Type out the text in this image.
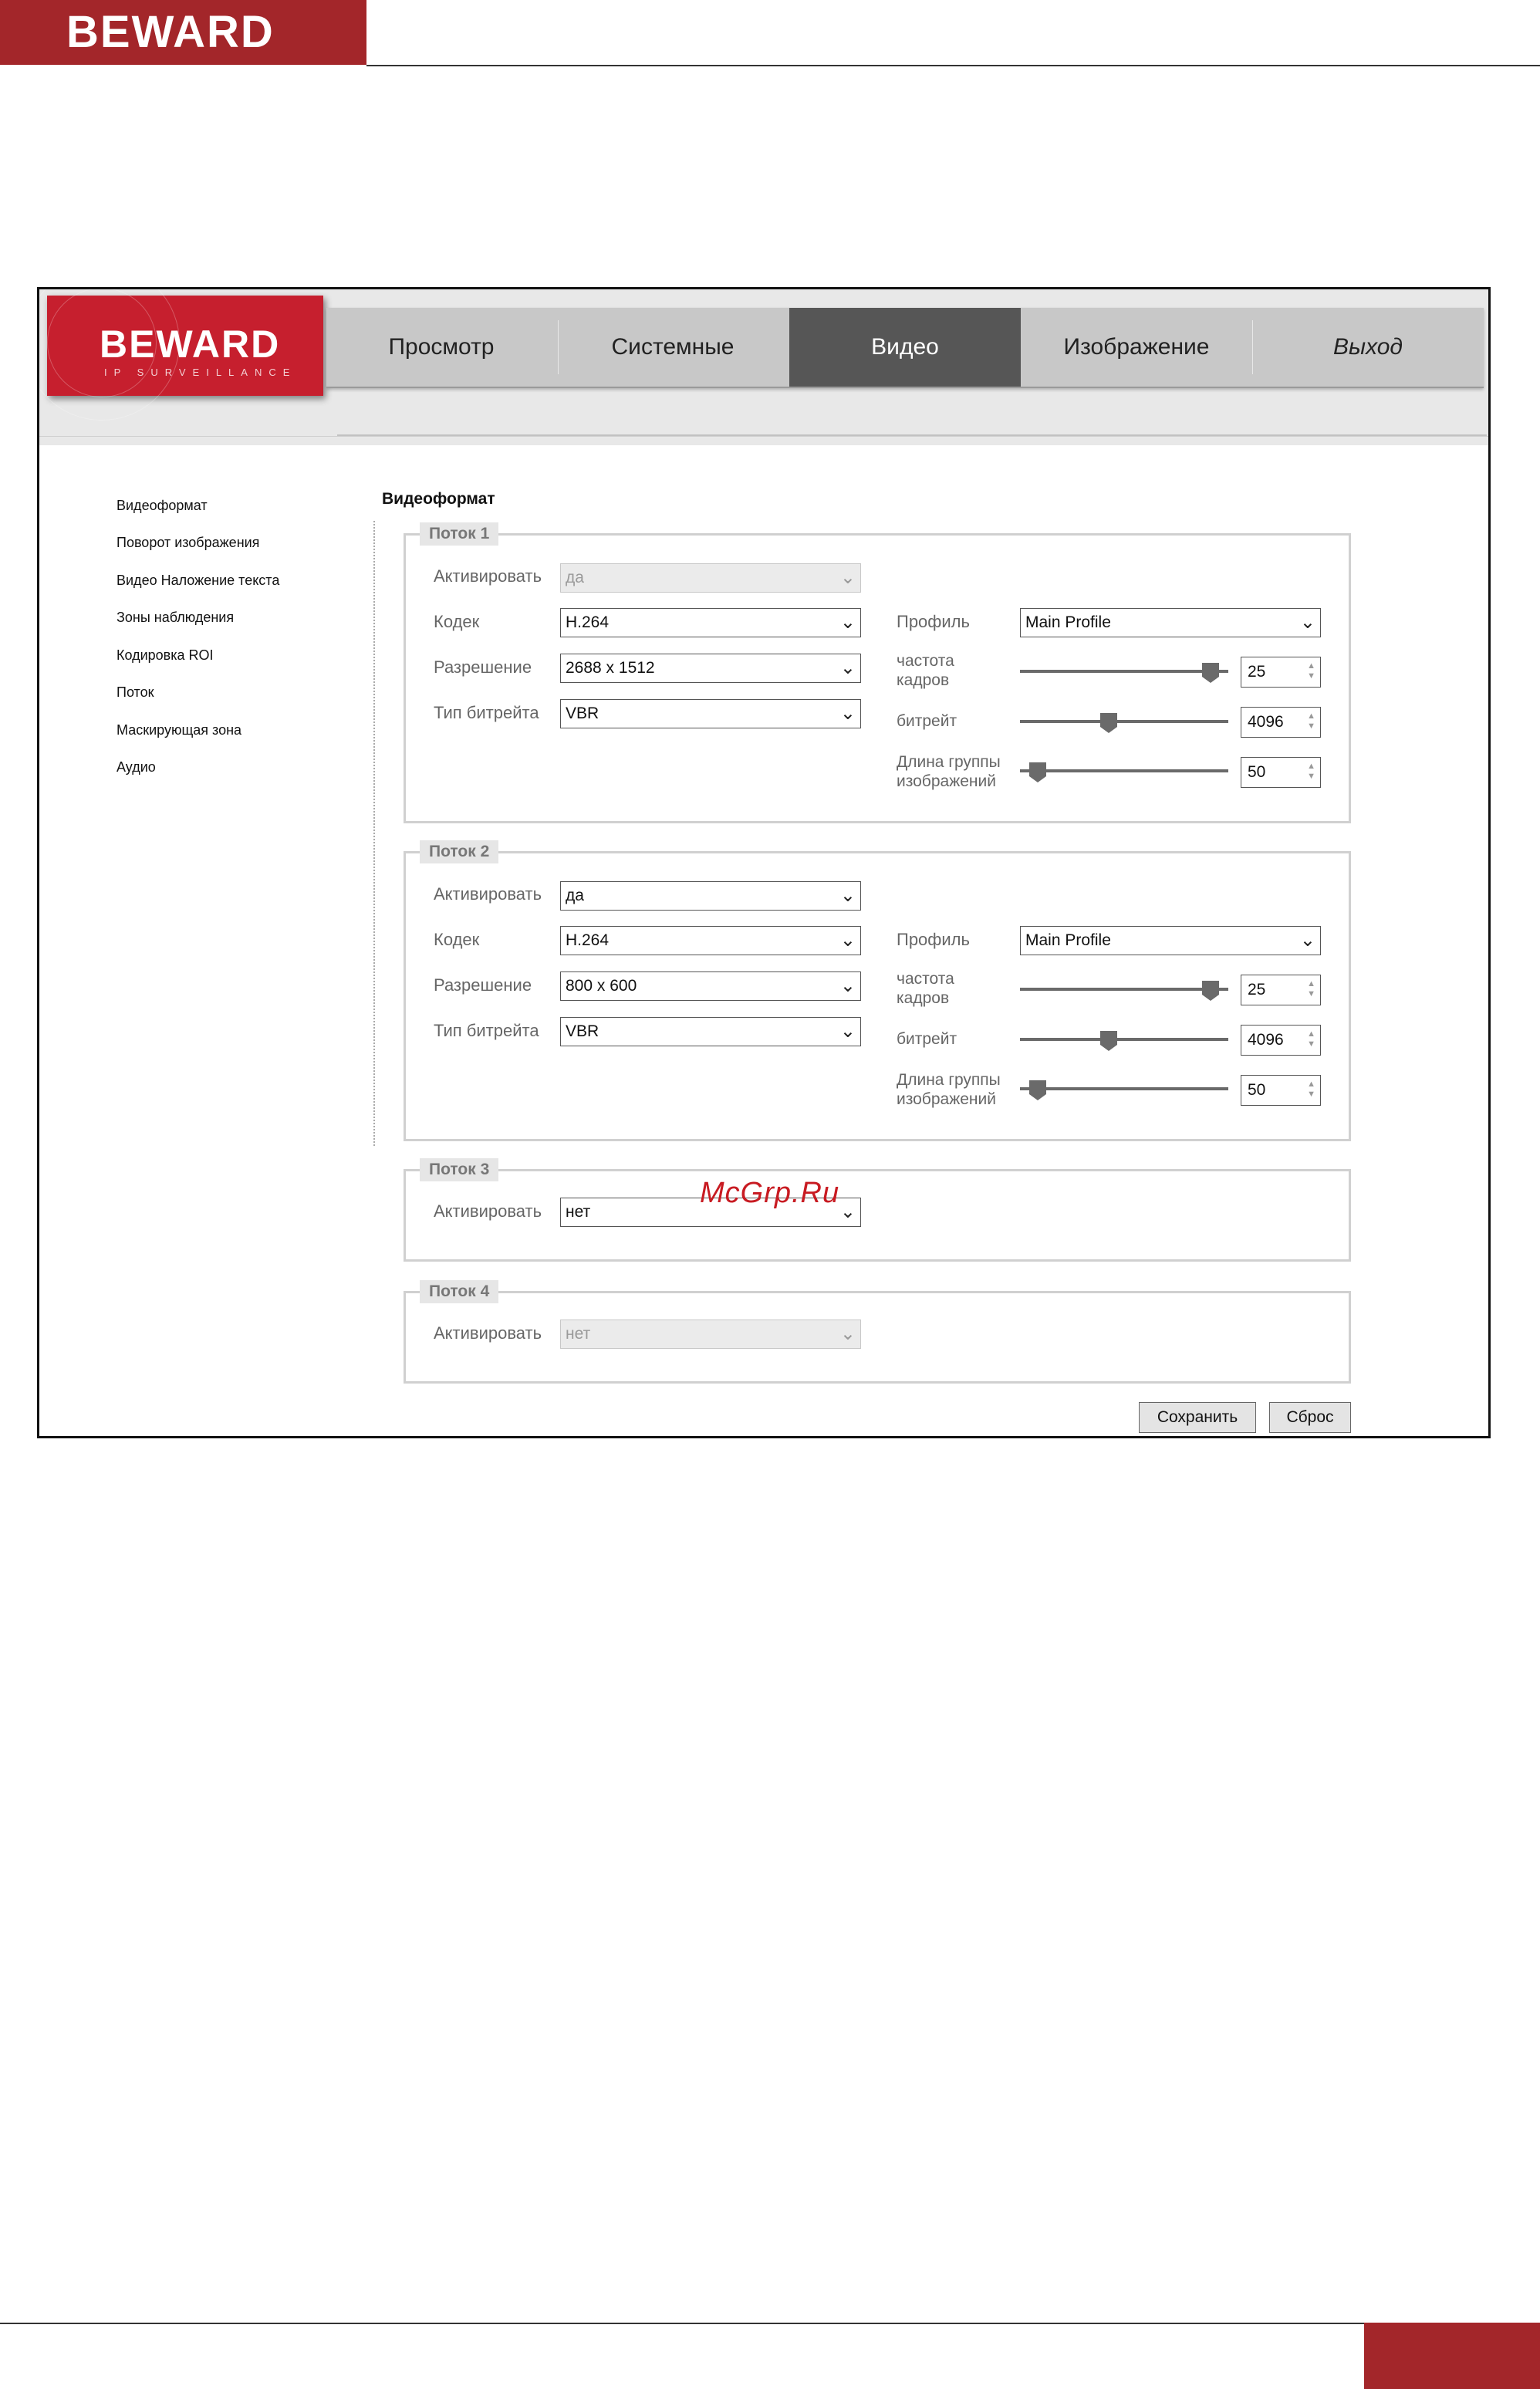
BEWARD
BEWARD
IP SURVEILLANCE
Просмотр	Системные	Видео	Изображение	Выход
Видеоформат
Поворот изображения
Видео Наложение текста
Зоны наблюдения
Кодировка ROI
Поток
Маскирующая зона
Аудио
Видеоформат
Поток 1
Активировать	да	⌄
Кодек	H.264	⌄
Разрешение	2688 x 1512	⌄
Тип битрейта	VBR	⌄
Профиль	Main Profile	⌄
частота
кадров	25	▲
▼
битрейт	4096	▲
▼
Длина группы
изображений
50	▲
▼
Поток 2
Активировать	да	⌄
Кодек	H.264	⌄
Разрешение	800 x 600	⌄
Тип битрейта	VBR	⌄
Профиль	Main Profile	⌄
частота
кадров	25	▲
▼
битрейт	4096	▲
▼
Длина группы
изображений
50	▲
▼
Поток 3
Активировать	нет	⌄
Поток 4
Активировать	нет	⌄
Сохранить	Сброс
McGrp.Ru
